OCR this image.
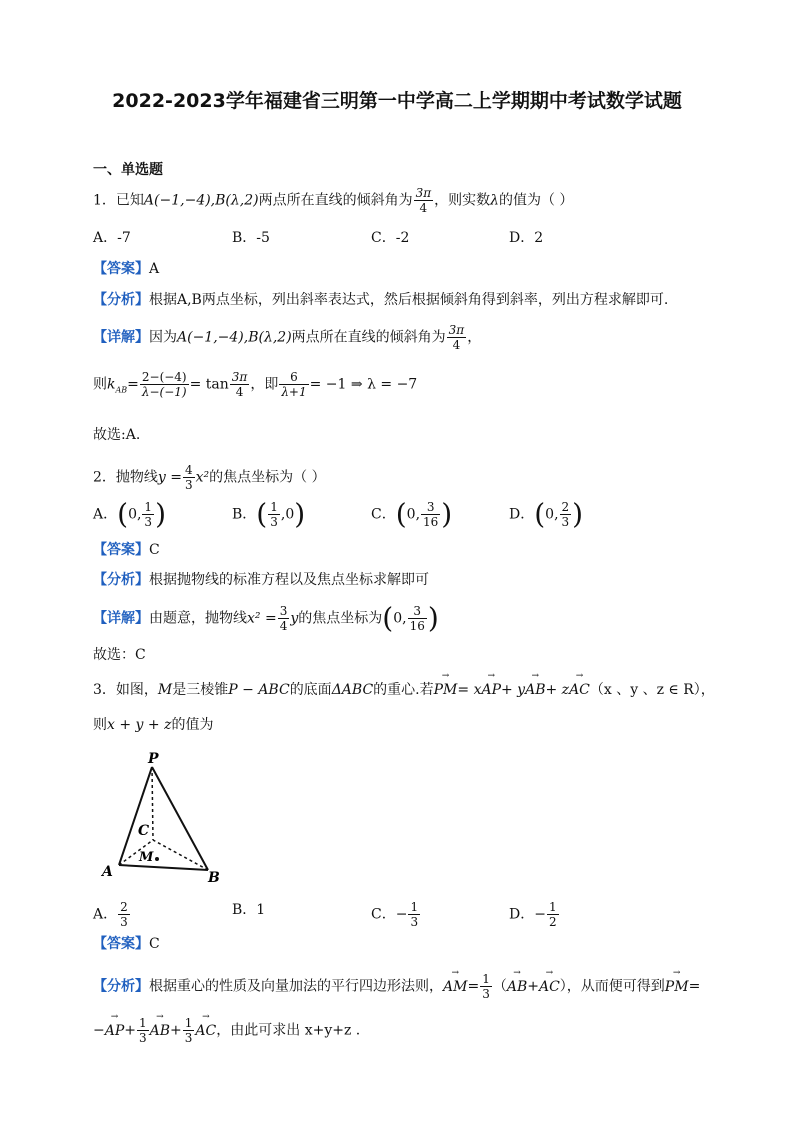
2022-2023学年福建省三明第一中学高二上学期期中考试数学试题
一、单选题
1．已知A(−1,−4),B(λ,2)两点所在直线的倾斜角为 $\frac{3\pi}{4}$ ，则实数λ的值为（ ）
A．-7	B．-5	C．-2	D．2
【答案】A
【分析】根据A,B两点坐标，列出斜率表达式，然后根据倾斜角得到斜率，列出方程求解即可.
【详解】因为A(−1,−4),B(λ,2)两点所在直线的倾斜角为 $\frac{3\pi}{4}$ ，
则$k_{AB}= \frac{2-(-4)}{\lambda-(-1)} = \tan \frac{3\pi}{4}$ ，即 $\frac{6}{\lambda+1} = -1$ ⇒ λ = −7
故选:A.
2．抛物线$y = \frac{4}{3} x^2$的焦点坐标为（ ）
A．(0, $\frac{1}{3}$ )	B．( $\frac{1}{3} ,0$)	C．(0, $\frac{3}{16}$ )	D．(0, $\frac{2}{3}$ )
【答案】C
【分析】根据抛物线的标准方程以及焦点坐标求解即可
【详解】由题意，抛物线$x^2 = \frac{3}{4}$ y的焦点坐标为(0, $\frac{3}{16}$ )
故选：C
3．如图，M是三棱锥P − ABC的底面ΔABC的重心.若→ PM= x→ AP+ y→ AB+ z→ AC（x 、y 、z ∈ R），
则x + y + z的值为
P
C
M
A	B
A． $\frac{2}{3}$	B．1	C．− $\frac{1}{3}$	D．− $\frac{1}{2}$
【答案】C
【分析】根据重心的性质及向量加法的平行四边形法则，→ $AM= \frac{1}{3}$ （→ AB+→ AC），从而便可得到→ PM=
−→ $AP+ \frac{1}{3}$
→ $AB+ \frac{1}{3}$
→ AC，由此可求出 x+y+z .
